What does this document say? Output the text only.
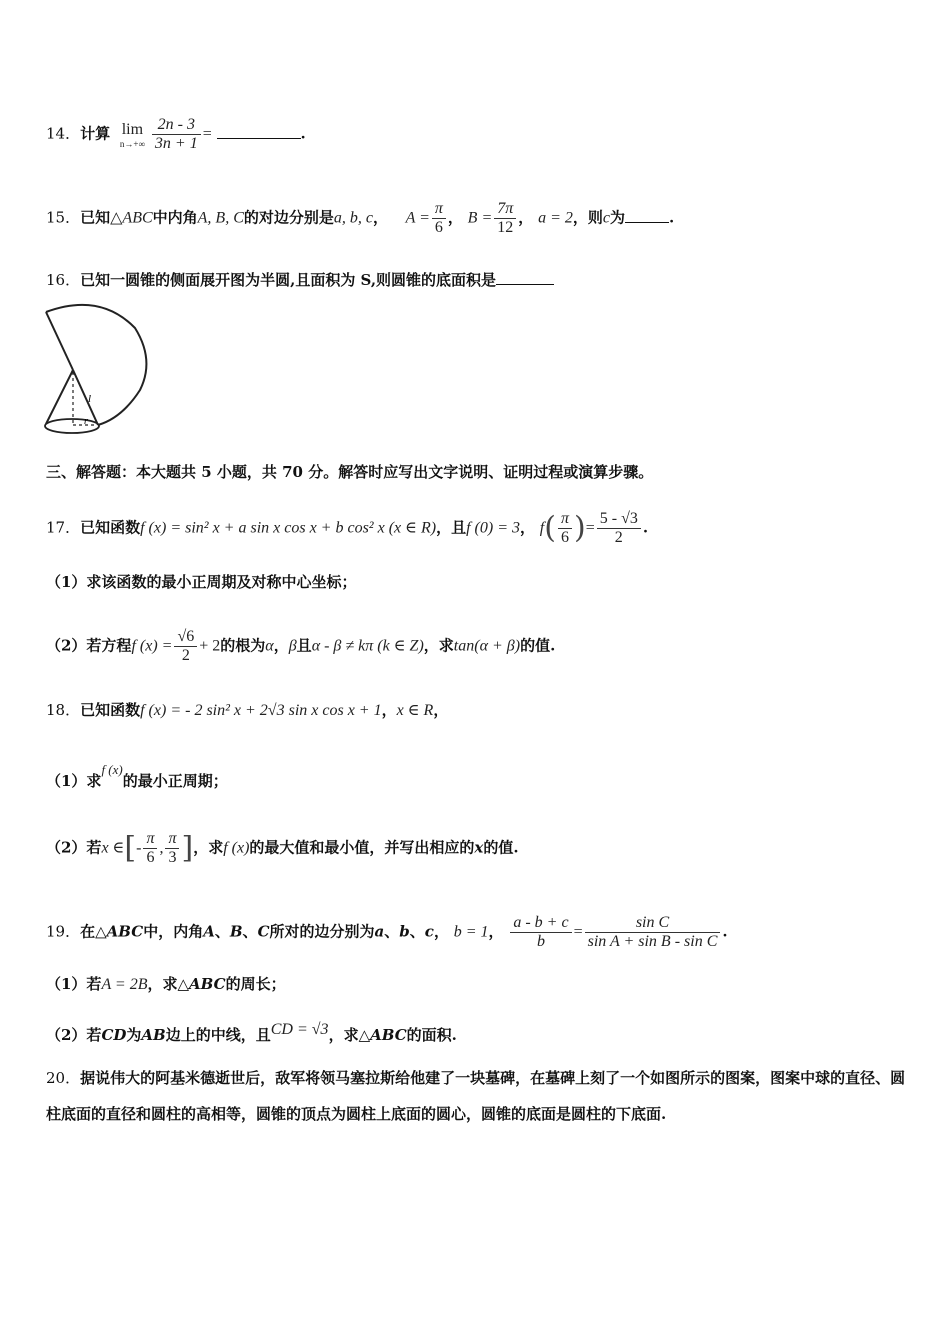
14．计算 lim
$n\to+\infty \frac{2n - 3}{3n + 1}$ =	.
15．已知△ABC中内角A, B, C的对边分别是a, b, c， $A = \frac{\pi}{6}$ ， $B = \frac{7\pi}{12}$ ， a = 2，则c为	.
16．已知一圆锥的侧面展开图为半圆,且面积为 S,则圆锥的底面积是
l
r
三、解答题：本大题共 5 小题，共 70 分。解答时应写出文字说明、证明过程或演算步骤。
17．已知函数f (x) = sin² x + a sin x cos x + b cos² x (x ∈ R)，且f (0) = 3， $f( \frac{\pi}{6}$ )= $\frac{5 - √3}{2}$ .
（1）求该函数的最小正周期及对称中心坐标；
（2）若方程f $(x) = \frac{√6}{2} + 2$的根为α，β且α - β ≠ kπ (k ∈ Z)，求tan(α + β)的值.
18．已知函数f (x) = - 2 sin² x + 2√3 sin x cos x + 1，x ∈ R，
（1）求f (x)的最小正周期；
（2）若x ∈[- $\frac{\pi}{6}$ , $\frac{\pi}{3}$ ]，求f (x)的最大值和最小值，并写出相应的x的值.
19．在△ABC中，内角A、B、C所对的边分别为a、b、c， b = 1， $\frac{a - b + c}{b} = \frac{\text{sin C}}{\text{sin A + sin B - sin C}}$ .
（1）若A = 2B，求△ABC的周长；
（2）若CD为AB边上的中线，且CD = √3，求△ABC的面积.
20．据说伟大的阿基米德逝世后，敌军将领马塞拉斯给他建了一块墓碑，在墓碑上刻了一个如图所示的图案，图案中球的直径、圆柱底面的直径和圆柱的高相等，圆锥的顶点为圆柱上底面的圆心，圆锥的底面是圆柱的下底面.
